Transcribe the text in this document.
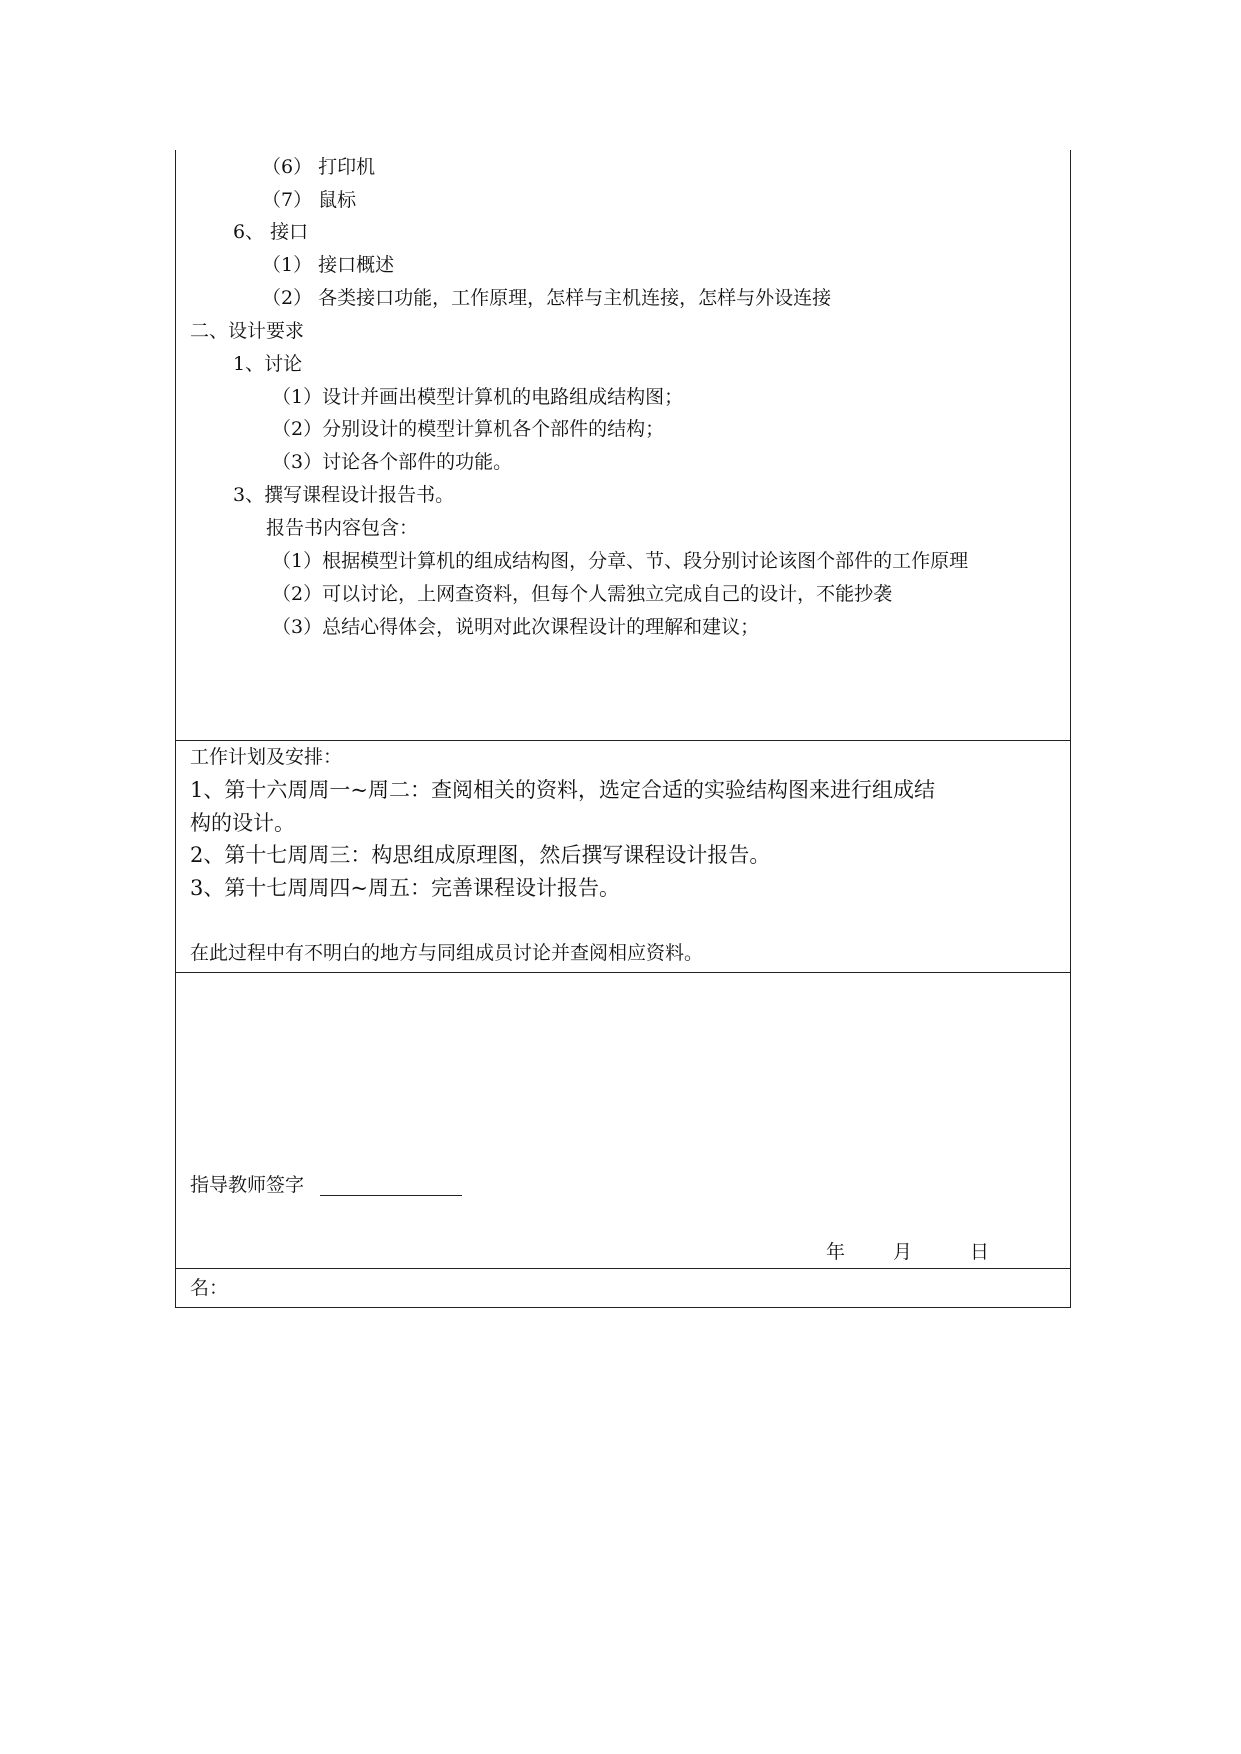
（6） 打印机
（7） 鼠标
6、 接口
（1） 接口概述
（2） 各类接口功能，工作原理，怎样与主机连接，怎样与外设连接
二、设计要求
1、讨论
（1）设计并画出模型计算机的电路组成结构图；
（2）分别设计的模型计算机各个部件的结构；
（3）讨论各个部件的功能。
3、撰写课程设计报告书。
报告书内容包含：
（1）根据模型计算机的组成结构图，分章、节、段分别讨论该图个部件的工作原理
（2）可以讨论，上网查资料，但每个人需独立完成自己的设计，不能抄袭
（3）总结心得体会，说明对此次课程设计的理解和建议；
工作计划及安排：
1、第十六周周一~周二：查阅相关的资料，选定合适的实验结构图来进行组成结
构的设计。
2、第十七周周三：构思组成原理图，然后撰写课程设计报告。
3、第十七周周四~周五：完善课程设计报告。
在此过程中有不明白的地方与同组成员讨论并查阅相应资料。
指导教师签字
年	月	日
名：
